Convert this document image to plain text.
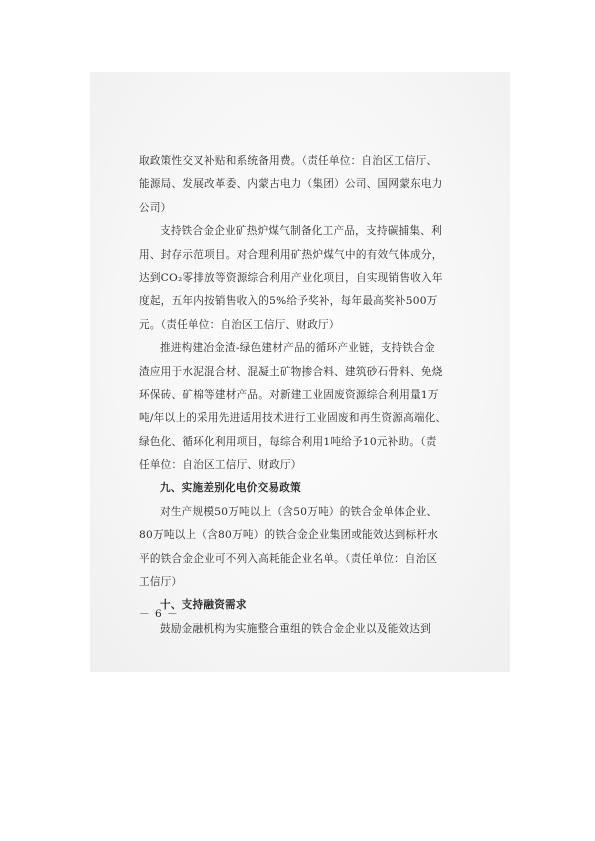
取政策性交叉补贴和系统备用费。（责任单位：自治区工信厅、
能源局、发展改革委、内蒙古电力（集团）公司、国网蒙东电力
公司）
支持铁合金企业矿热炉煤气制备化工产品，支持碳捕集、利
用、封存示范项目。对合理利用矿热炉煤气中的有效气体成分，
达到CO₂零排放等资源综合利用产业化项目，自实现销售收入年
度起，五年内按销售收入的5%给予奖补，每年最高奖补500万
元。（责任单位：自治区工信厅、财政厅）
推进构建冶金渣-绿色建材产品的循环产业链，支持铁合金
渣应用于水泥混合材、混凝土矿物掺合料、建筑砂石骨料、免烧
环保砖、矿棉等建材产品。对新建工业固废资源综合利用量1万
吨/年以上的采用先进适用技术进行工业固废和再生资源高端化、
绿色化、循环化利用项目，每综合利用1吨给予10元补助。（责
任单位：自治区工信厅、财政厅）
九、实施差别化电价交易政策
对生产规模50万吨以上（含50万吨）的铁合金单体企业、
80万吨以上（含80万吨）的铁合金企业集团或能效达到标杆水
平的铁合金企业可不列入高耗能企业名单。（责任单位：自治区
工信厅）
十、支持融资需求
鼓励金融机构为实施整合重组的铁合金企业以及能效达到
－ 6 －
